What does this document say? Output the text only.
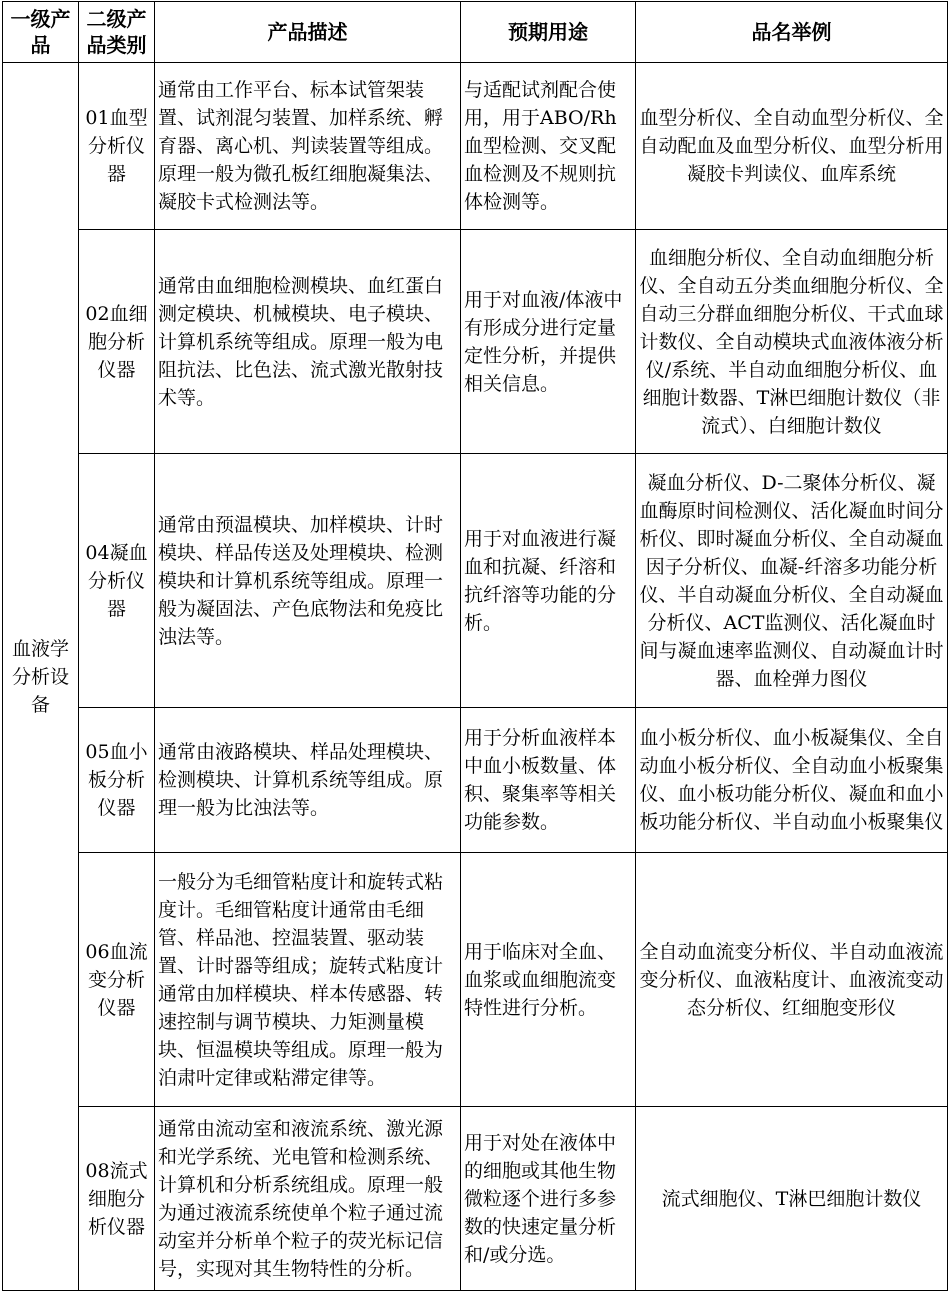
一级产品	二级产品类别	产品描述	预期用途	品名举例
血液学分析设备	01血型分析仪器	通常由工作平台、标本试管架装置、试剂混匀装置、加样系统、孵育器、离心机、判读装置等组成。原理一般为微孔板红细胞凝集法、凝胶卡式检测法等。	与适配试剂配合使用，用于ABO/Rh血型检测、交叉配血检测及不规则抗体检测等。	血型分析仪、全自动血型分析仪、全自动配血及血型分析仪、血型分析用凝胶卡判读仪、血库系统
	02血细胞分析仪器	通常由血细胞检测模块、血红蛋白测定模块、机械模块、电子模块、计算机系统等组成。原理一般为电阻抗法、比色法、流式激光散射技术等。	用于对血液/体液中有形成分进行定量定性分析，并提供相关信息。	血细胞分析仪、全自动血细胞分析仪、全自动五分类血细胞分析仪、全自动三分群血细胞分析仪、干式血球计数仪、全自动模块式血液体液分析仪/系统、半自动血细胞分析仪、血细胞计数器、T淋巴细胞计数仪（非流式）、白细胞计数仪
	04凝血分析仪器	通常由预温模块、加样模块、计时模块、样品传送及处理模块、检测模块和计算机系统等组成。原理一般为凝固法、产色底物法和免疫比浊法等。	用于对血液进行凝血和抗凝、纤溶和抗纤溶等功能的分析。	凝血分析仪、D-二聚体分析仪、凝血酶原时间检测仪、活化凝血时间分析仪、即时凝血分析仪、全自动凝血因子分析仪、血凝-纤溶多功能分析仪、半自动凝血分析仪、全自动凝血分析仪、ACT监测仪、活化凝血时间与凝血速率监测仪、自动凝血计时器、血栓弹力图仪
	05血小板分析仪器	通常由液路模块、样品处理模块、检测模块、计算机系统等组成。原理一般为比浊法等。	用于分析血液样本中血小板数量、体积、聚集率等相关功能参数。	血小板分析仪、血小板凝集仪、全自动血小板分析仪、全自动血小板聚集仪、血小板功能分析仪、凝血和血小板功能分析仪、半自动血小板聚集仪
	06血流变分析仪器	一般分为毛细管粘度计和旋转式粘度计。毛细管粘度计通常由毛细管、样品池、控温装置、驱动装置、计时器等组成；旋转式粘度计通常由加样模块、样本传感器、转速控制与调节模块、力矩测量模块、恒温模块等组成。原理一般为泊肃叶定律或粘滞定律等。	用于临床对全血、血浆或血细胞流变特性进行分析。	全自动血流变分析仪、半自动血液流变分析仪、血液粘度计、血液流变动态分析仪、红细胞变形仪
	08流式细胞分析仪器	通常由流动室和液流系统、激光源和光学系统、光电管和检测系统、计算机和分析系统组成。原理一般为通过液流系统使单个粒子通过流动室并分析单个粒子的荧光标记信号，实现对其生物特性的分析。	用于对处在液体中的细胞或其他生物微粒逐个进行多参数的快速定量分析和/或分选。	流式细胞仪、T淋巴细胞计数仪
